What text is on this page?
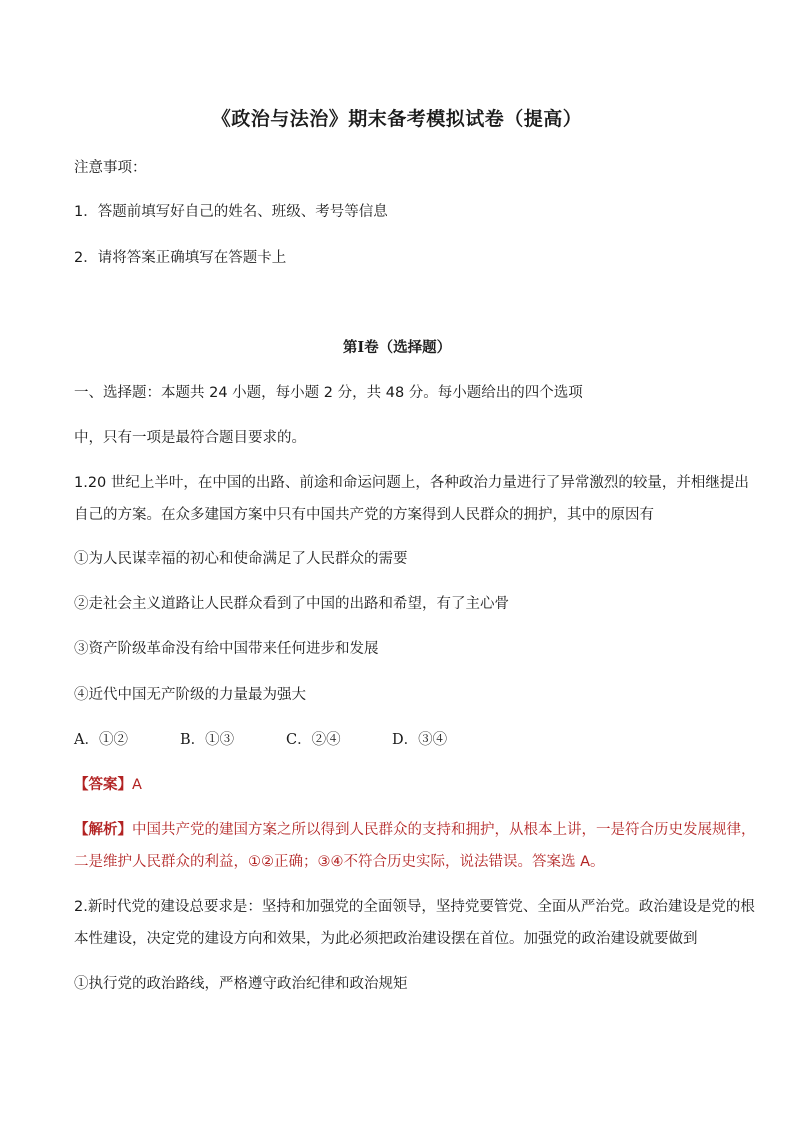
《政治与法治》期末备考模拟试卷（提高）
注意事项：
1．答题前填写好自己的姓名、班级、考号等信息
2．请将答案正确填写在答题卡上
第I卷（选择题）
一、选择题：本题共 24 小题，每小题 2 分，共 48 分。每小题给出的四个选项
中，只有一项是最符合题目要求的。
1.20 世纪上半叶，在中国的出路、前途和命运问题上，各种政治力量进行了异常激烈的较量，并相继提出
自己的方案。在众多建国方案中只有中国共产党的方案得到人民群众的拥护，其中的原因有
①为人民谋幸福的初心和使命满足了人民群众的需要
②走社会主义道路让人民群众看到了中国的出路和希望，有了主心骨
③资产阶级革命没有给中国带来任何进步和发展
④近代中国无产阶级的力量最为强大
A．①②	B．①③	C．②④	D．③④
【答案】A
【解析】中国共产党的建国方案之所以得到人民群众的支持和拥护，从根本上讲，一是符合历史发展规律，
二是维护人民群众的利益，①②正确；③④不符合历史实际，说法错误。答案选 A。
2.新时代党的建设总要求是：坚持和加强党的全面领导，坚持党要管党、全面从严治党。政治建设是党的根
本性建设，决定党的建设方向和效果，为此必须把政治建设摆在首位。加强党的政治建设就要做到
①执行党的政治路线，严格遵守政治纪律和政治规矩
